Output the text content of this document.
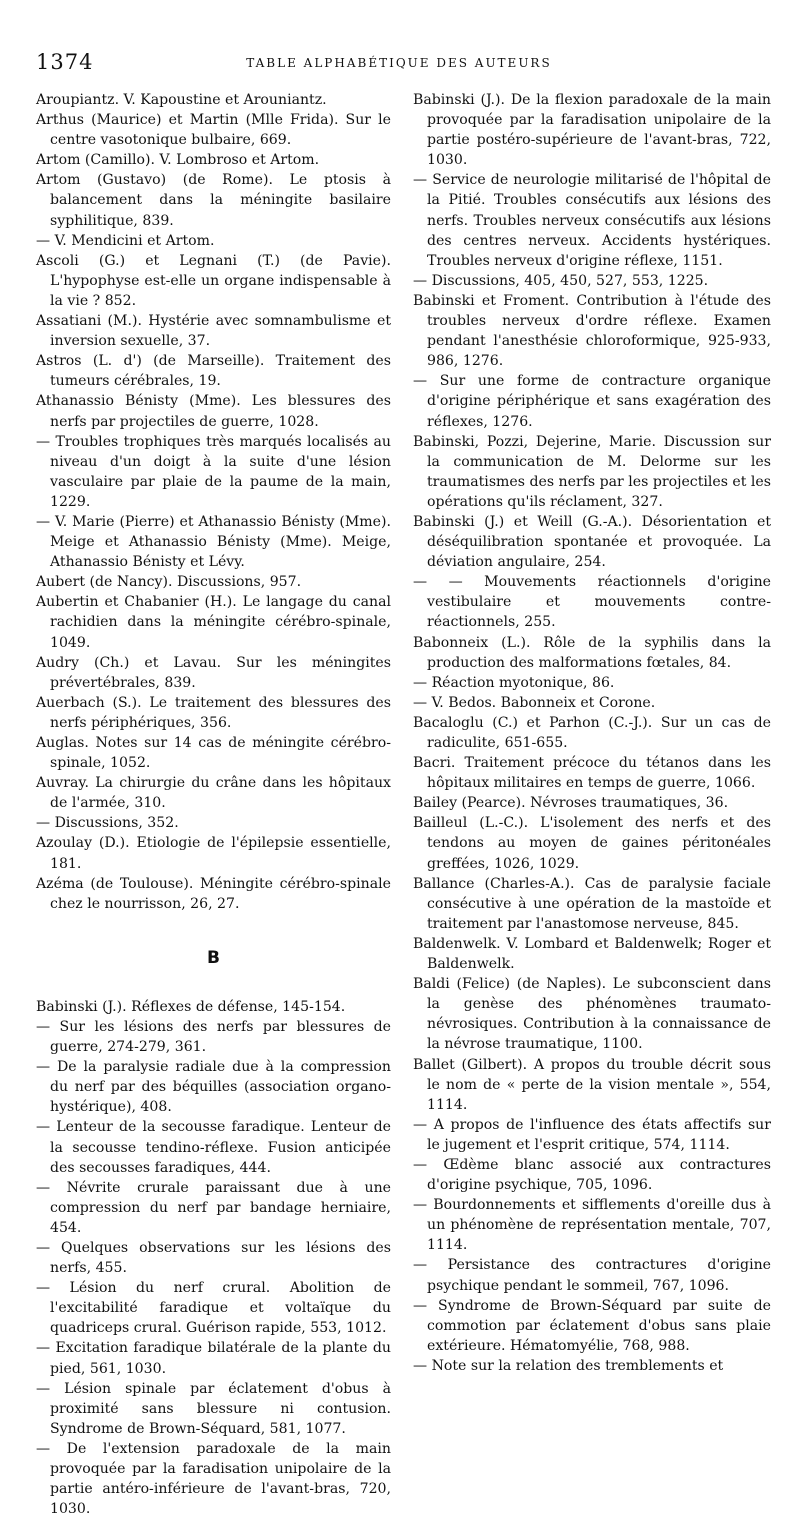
1374	TABLE ALPHABÉTIQUE DES AUTEURS

Aroupiantz. V. Kapoustine et Arouniantz.

Arthus (Maurice) et Martin (Mlle Frida). Sur le centre vasotonique bulbaire, 669.

Artom (Camillo). V. Lombroso et Artom.

Artom (Gustavo) (de Rome). Le ptosis à balancement dans la méningite basilaire syphilitique, 839.

— V. Mendicini et Artom.

Ascoli (G.) et Legnani (T.) (de Pavie). L'hypophyse est-elle un organe indispensable à la vie ? 852.

Assatiani (M.). Hystérie avec somnambulisme et inversion sexuelle, 37.

Astros (L. d') (de Marseille). Traitement des tumeurs cérébrales, 19.

Athanassio Bénisty (Mme). Les blessures des nerfs par projectiles de guerre, 1028.

— Troubles trophiques très marqués localisés au niveau d'un doigt à la suite d'une lésion vasculaire par plaie de la paume de la main, 1229.

— V. Marie (Pierre) et Athanassio Bénisty (Mme). Meige et Athanassio Bénisty (Mme). Meige, Athanassio Bénisty et Lévy.

Aubert (de Nancy). Discussions, 957.

Aubertin et Chabanier (H.). Le langage du canal rachidien dans la méningite cérébro-spinale, 1049.

Audry (Ch.) et Lavau. Sur les méningites prévertébrales, 839.

Auerbach (S.). Le traitement des blessures des nerfs périphériques, 356.

Auglas. Notes sur 14 cas de méningite cérébro-spinale, 1052.

Auvray. La chirurgie du crâne dans les hôpitaux de l'armée, 310.

— Discussions, 352.

Azoulay (D.). Etiologie de l'épilepsie essentielle, 181.

Azéma (de Toulouse). Méningite cérébro-spinale chez le nourrisson, 26, 27.

B

Babinski (J.). Réflexes de défense, 145-154.

— Sur les lésions des nerfs par blessures de guerre, 274-279, 361.

— De la paralysie radiale due à la compression du nerf par des béquilles (association organo-hystérique), 408.

— Lenteur de la secousse faradique. Lenteur de la secousse tendino-réflexe. Fusion anticipée des secousses faradiques, 444.

— Névrite crurale paraissant due à une compression du nerf par bandage herniaire, 454.

— Quelques observations sur les lésions des nerfs, 455.

— Lésion du nerf crural. Abolition de l'excitabilité faradique et voltaïque du quadriceps crural. Guérison rapide, 553, 1012.

— Excitation faradique bilatérale de la plante du pied, 561, 1030.

— Lésion spinale par éclatement d'obus à proximité sans blessure ni contusion. Syndrome de Brown-Séquard, 581, 1077.

— De l'extension paradoxale de la main provoquée par la faradisation unipolaire de la partie antéro-inférieure de l'avant-bras, 720, 1030.

Babinski (J.). De la flexion paradoxale de la main provoquée par la faradisation unipolaire de la partie postéro-supérieure de l'avant-bras, 722, 1030.

— Service de neurologie militarisé de l'hôpital de la Pitié. Troubles consécutifs aux lésions des nerfs. Troubles nerveux consécutifs aux lésions des centres nerveux. Accidents hystériques. Troubles nerveux d'origine réflexe, 1151.

— Discussions, 405, 450, 527, 553, 1225.

Babinski et Froment. Contribution à l'étude des troubles nerveux d'ordre réflexe. Examen pendant l'anesthésie chloroformique, 925-933, 986, 1276.

— Sur une forme de contracture organique d'origine périphérique et sans exagération des réflexes, 1276.

Babinski, Pozzi, Dejerine, Marie. Discussion sur la communication de M. Delorme sur les traumatismes des nerfs par les projectiles et les opérations qu'ils réclament, 327.

Babinski (J.) et Weill (G.-A.). Désorientation et déséquilibration spontanée et provoquée. La déviation angulaire, 254.

— — Mouvements réactionnels d'origine vestibulaire et mouvements contre-réactionnels, 255.

Babonneix (L.). Rôle de la syphilis dans la production des malformations fœtales, 84.

— Réaction myotonique, 86.

— V. Bedos. Babonneix et Corone.

Bacaloglu (C.) et Parhon (C.-J.). Sur un cas de radiculite, 651-655.

Bacri. Traitement précoce du tétanos dans les hôpitaux militaires en temps de guerre, 1066.

Bailey (Pearce). Névroses traumatiques, 36.

Bailleul (L.-C.). L'isolement des nerfs et des tendons au moyen de gaines péritonéales greffées, 1026, 1029.

Ballance (Charles-A.). Cas de paralysie faciale consécutive à une opération de la mastoïde et traitement par l'anastomose nerveuse, 845.

Baldenwelk. V. Lombard et Baldenwelk; Roger et Baldenwelk.

Baldi (Felice) (de Naples). Le subconscient dans la genèse des phénomènes traumato-névrosiques. Contribution à la connaissance de la névrose traumatique, 1100.

Ballet (Gilbert). A propos du trouble décrit sous le nom de « perte de la vision mentale », 554, 1114.

— A propos de l'influence des états affectifs sur le jugement et l'esprit critique, 574, 1114.

— Œdème blanc associé aux contractures d'origine psychique, 705, 1096.

— Bourdonnements et sifflements d'oreille dus à un phénomène de représentation mentale, 707, 1114.

— Persistance des contractures d'origine psychique pendant le sommeil, 767, 1096.

— Syndrome de Brown-Séquard par suite de commotion par éclatement d'obus sans plaie extérieure. Hématomyélie, 768, 988.

— Note sur la relation des tremblements et
